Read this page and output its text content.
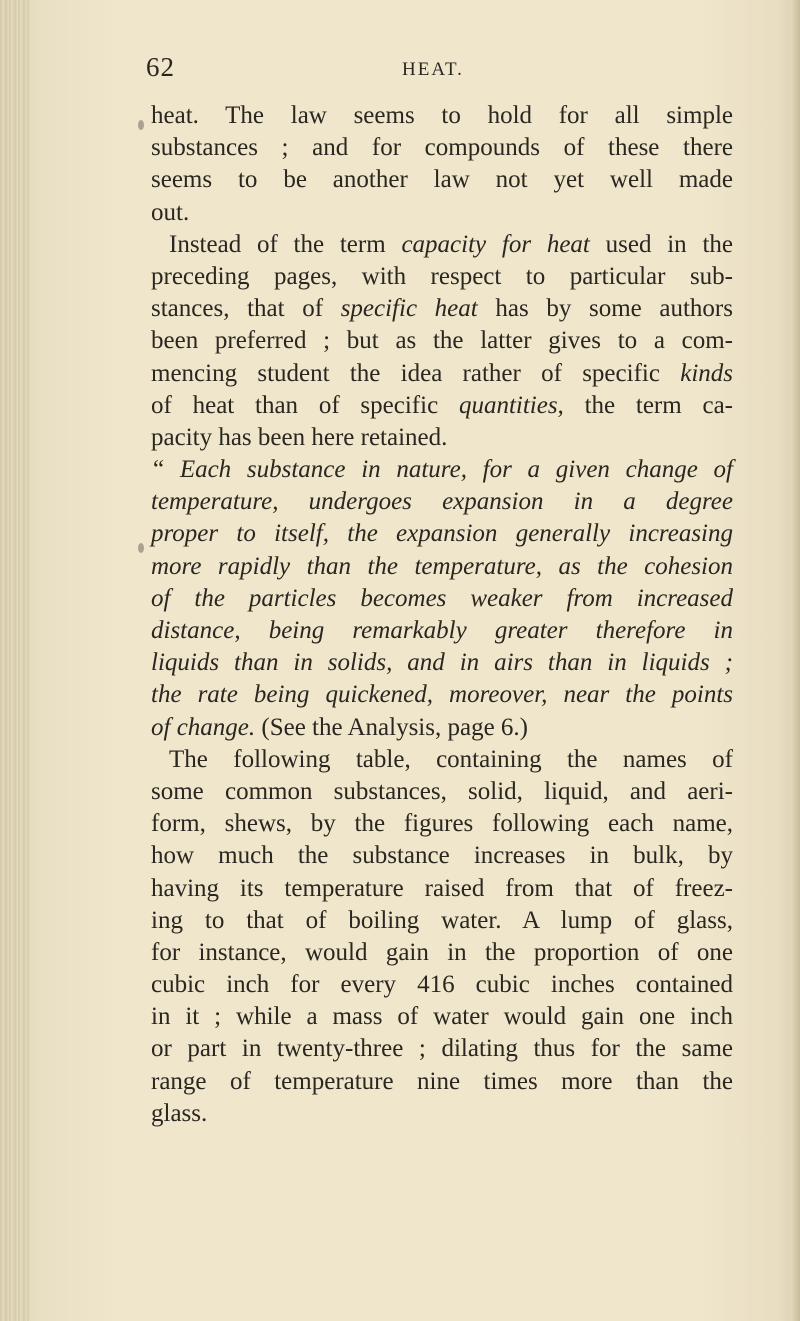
62	HEAT.
heat. The law seems to hold for all simple
substances ; and for compounds of these there
seems to be another law not yet well made
out.
Instead of the term capacity for heat used in the
preceding pages, with respect to particular sub-
stances, that of specific heat has by some authors
been preferred ; but as the latter gives to a com-
mencing student the idea rather of specific kinds
of heat than of specific quantities, the term ca-
pacity has been here retained.
“ Each substance in nature, for a given change of
temperature, undergoes expansion in a degree
proper to itself, the expansion generally increasing
more rapidly than the temperature, as the cohesion
of the particles becomes weaker from increased
distance, being remarkably greater therefore in
liquids than in solids, and in airs than in liquids ;
the rate being quickened, moreover, near the points
of change. (See the Analysis, page 6.)
The following table, containing the names of
some common substances, solid, liquid, and aeri-
form, shews, by the figures following each name,
how much the substance increases in bulk, by
having its temperature raised from that of freez-
ing to that of boiling water. A lump of glass,
for instance, would gain in the proportion of one
cubic inch for every 416 cubic inches contained
in it ; while a mass of water would gain one inch
or part in twenty-three ; dilating thus for the same
range of temperature nine times more than the
glass.
